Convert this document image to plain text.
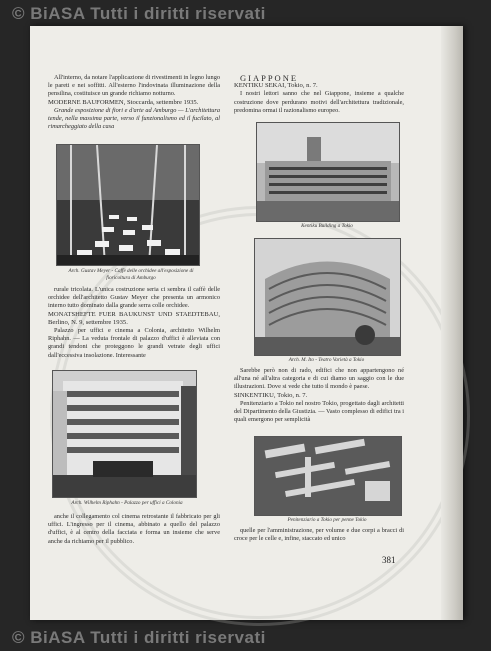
© BiASA Tutti i diritti riservati

All'interno, da notare l'applicazione di rivestimenti in legno lungo le pareti e nei soffitti. All'esterno l'indovinata illuminazione della pensilina, costituisce un grande richiamo notturno.

MODERNE BAUFORMEN, Stoccarda, settembre 1935.

Grande esposizione di fiori e d'arte ad Amburgo — L'architettura tende, nella massima parte, verso il funzionalismo ed il fucilato, al rimarcheggiato della casa

Arch. Gustav Meyer - Caffè delle orchidee all'esposizione di fioricoltura di Amburgo

rurale tricolata. L'unica costruzione seria ci sembra il caffè delle orchidee dell'architetto Gustav Meyer che presenta un armonico interno tutto dominato dalla grande serra colle orchidee.

MONATSHEFTE FUER BAUKUNST UND STAEDTEBAU, Berlino, N. 9, settembre 1935.

Palazzo per uffici e cinema a Colonia, architetto Wilhelm Riphahn. — La veduta frontale di palazzo d'uffici è alleviata con grandi tendoni che proteggono le grandi vetrate degli uffici dall'eccessiva insolazione. Interessante

Arch. Wilhelm Riphahn - Palazzo per uffici a Colonia

anche il collegamento col cinema retrostante il fabbricato per gli uffici. L'ingresso per il cinema, abbinato a quello del palazzo d'uffici, è al centro della facciata e forma un insieme che serve anche da richiamo per il pubblico.

GIAPPONE

KENTIKU SEKAI, Tokio, n. 7.

I nostri lettori sanno che nel Giappone, insieme a qualche costruzione dove perdurano motivi dell'architettura tradizionale, predomina ormai il razionalismo europeo.

Kentiku Building a Tokio
Arch. M. Ito - Teatro Varietà a Tokio

Sarebbe però non di rado, edifici che non appartengono né all'una né all'altra categoria e di cui diamo un saggio con le due illustrazioni. Dove si vede che tutto il mondo è paese.

SINKENTIKU, Tokio, n. 7.

Penitenziario a Tokio nel nostro Tokio, progettato dagli architetti del Dipartimento della Giustizia. — Vasto complesso di edifici tra i quali emergono per semplicità

Penitenziario a Tokio per penne Tokio

quelle per l'amministrazione, per volume e due corpi a bracci di croce per le celle e, infine, staccato ed unico

381
© BiASA Tutti i diritti riservati
